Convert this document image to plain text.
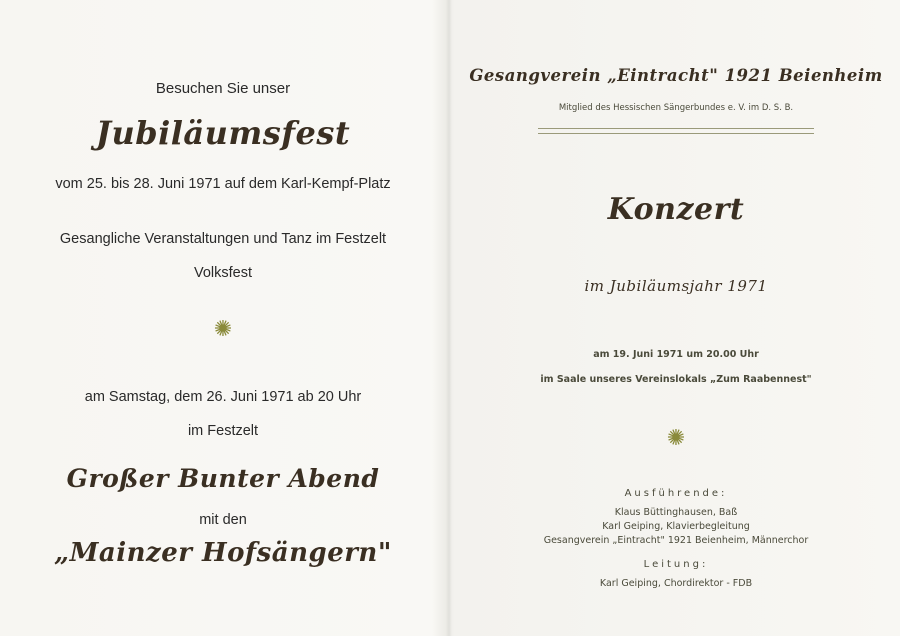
Besuchen Sie unser

Jubiläumsfest

vom 25. bis 28. Juni 1971 auf dem Karl-Kempf-Platz

Gesangliche Veranstaltungen und Tanz im Festzelt

Volksfest

✺

am Samstag, dem 26. Juni 1971 ab 20 Uhr

im Festzelt

Großer Bunter Abend

mit den

„Mainzer Hofsängern"

Gesangverein „Eintracht" 1921 Beienheim

Mitglied des Hessischen Sängerbundes e. V. im D. S. B.

Konzert

im Jubiläumsjahr 1971

am 19. Juni 1971 um 20.00 Uhr

im Saale unseres Vereinslokals „Zum Raabennest"

✺

Ausführende:

Klaus Büttinghausen, Baß

Karl Geiping, Klavierbegleitung

Gesangverein „Eintracht" 1921 Beienheim, Männerchor

Leitung:

Karl Geiping, Chordirektor - FDB
